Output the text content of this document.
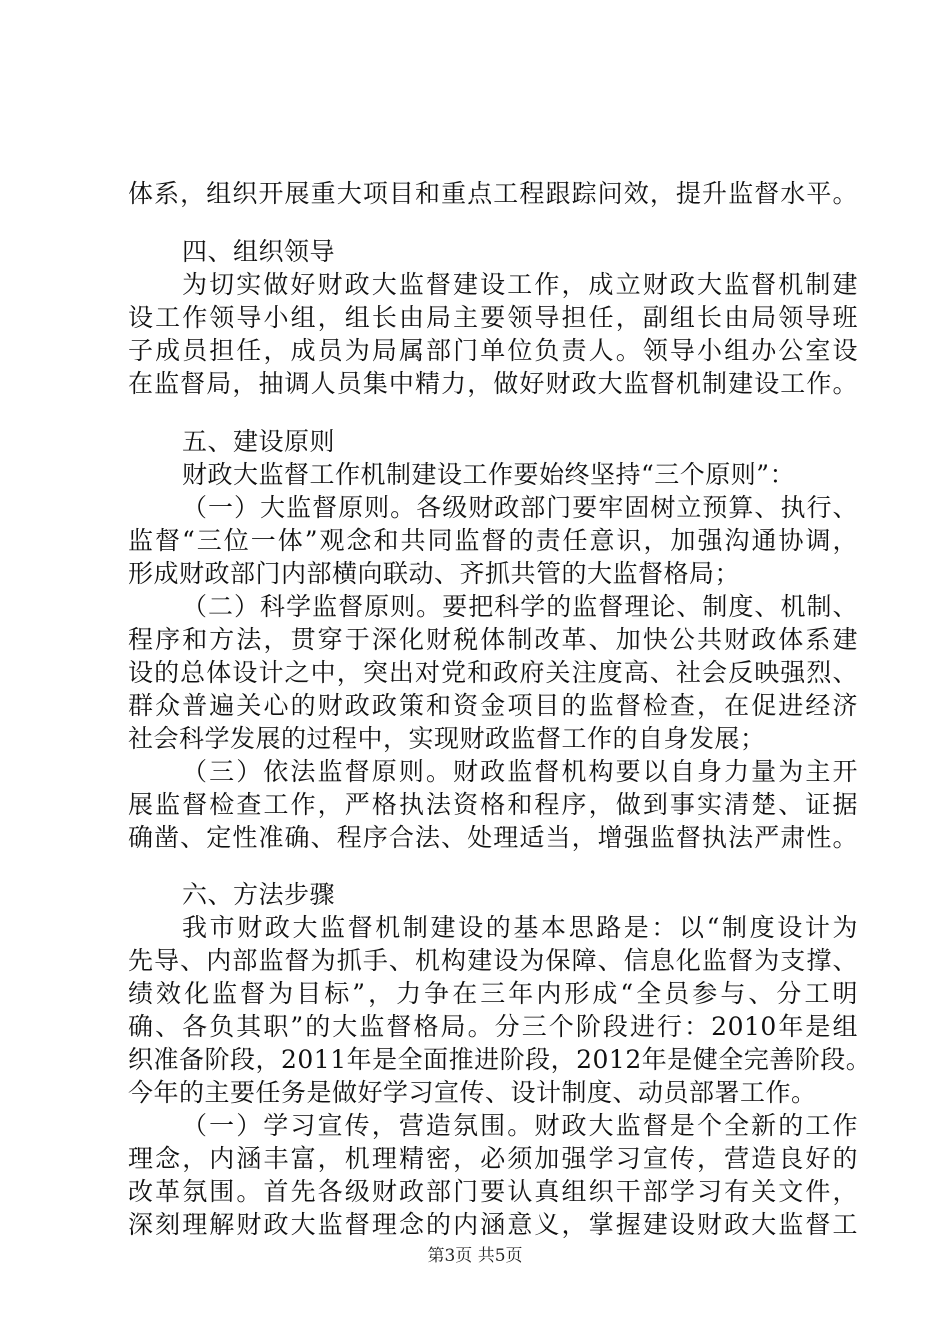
体系，组织开展重大项目和重点工程跟踪问效，提升监督水平。
四、组织领导
为切实做好财政大监督建设工作，成立财政大监督机制建
设工作领导小组，组长由局主要领导担任，副组长由局领导班
子成员担任，成员为局属部门单位负责人。领导小组办公室设
在监督局，抽调人员集中精力，做好财政大监督机制建设工作。
五、建设原则
财政大监督工作机制建设工作要始终坚持“三个原则”：
（一）大监督原则。各级财政部门要牢固树立预算、执行、
监督“三位一体”观念和共同监督的责任意识，加强沟通协调，
形成财政部门内部横向联动、齐抓共管的大监督格局；
（二）科学监督原则。要把科学的监督理论、制度、机制、
程序和方法，贯穿于深化财税体制改革、加快公共财政体系建
设的总体设计之中，突出对党和政府关注度高、社会反映强烈、
群众普遍关心的财政政策和资金项目的监督检查，在促进经济
社会科学发展的过程中，实现财政监督工作的自身发展；
（三）依法监督原则。财政监督机构要以自身力量为主开
展监督检查工作，严格执法资格和程序，做到事实清楚、证据
确凿、定性准确、程序合法、处理适当，增强监督执法严肃性。
六、方法步骤
我市财政大监督机制建设的基本思路是：以“制度设计为
先导、内部监督为抓手、机构建设为保障、信息化监督为支撑、
绩效化监督为目标”，力争在三年内形成“全员参与、分工明
确、各负其职”的大监督格局。分三个阶段进行：2010年是组
织准备阶段，2011年是全面推进阶段，2012年是健全完善阶段。
今年的主要任务是做好学习宣传、设计制度、动员部署工作。
（一）学习宣传，营造氛围。财政大监督是个全新的工作
理念，内涵丰富，机理精密，必须加强学习宣传，营造良好的
改革氛围。首先各级财政部门要认真组织干部学习有关文件，
深刻理解财政大监督理念的内涵意义，掌握建设财政大监督工
第3页 共5页
